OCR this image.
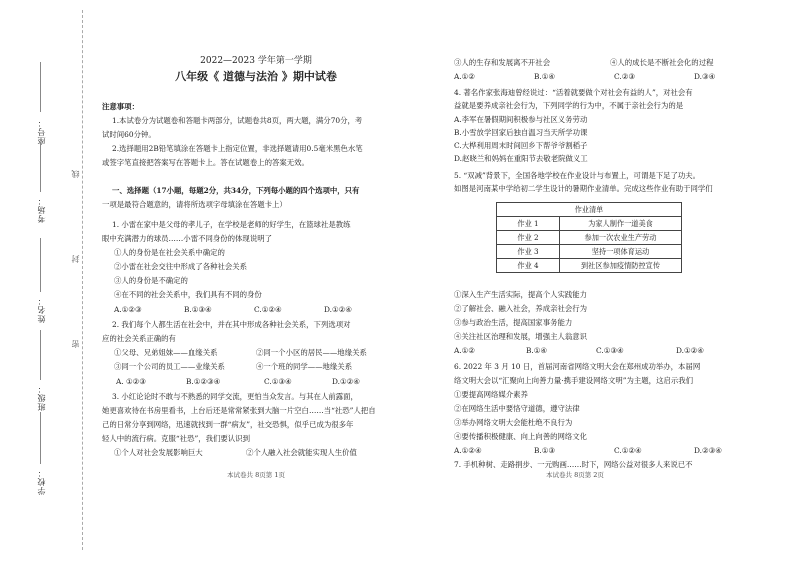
座号：
考场：
姓名：
班级：
学校：
线
封
密
2022—2023 学年第一学期
八年级《 道德与法治 》期中试卷
注意事项：
1.本试卷分为试题卷和答题卡两部分，试题卷共8页，两大题，满分70分，考
试时间60分钟。
2.选择题用2B铅笔填涂在答题卡上指定位置，非选择题请用0.5毫米黑色水笔
或签字笔直接把答案写在答题卡上。答在试题卷上的答案无效。
一、选择题（17小题，每题2分，共34分，下列每小题的四个选项中，只有
一项是最符合题意的，请将所选项字母填涂在答题卡上）
1. 小雷在家中是父母的孝儿子，在学校是老师的好学生，在篮球社是教练
眼中充满潜力的球员……小雷不同身份的体现说明了
①人的身份是在社会关系中确定的
②小雷在社会交往中形成了各种社会关系
③人的身份是不确定的
④在不同的社会关系中，我们具有不同的身份
A.①②③	B.①③④	C.①②④	D.①②④
2. 我们每个人都生活在社会中，并在其中形成各种社会关系，下列选项对
应的社会关系正确的有
①父母、兄弟姐妹——血缘关系	②同一个小区的居民——地缘关系
③同一个公司的员工——业缘关系	④一个班的同学——地缘关系
A. ①②③	B.①②③④	C.①③④	D.①②④
3. 小红论论时不敢与不熟悉的同学交流，更怕当众发言。与其在人前露面，
她更喜欢待在书房里看书，上台后还是常常紧张到大脑一片空白……当“社恐”人把自
己的日常分享到网络，迅速就找到一群“病友”，社交恐惧，似乎已成为很多年
轻人中的流行病。克服“社恐”，我们要认识到
①个人对社会发展影响巨大	②个人融入社会就能实现人生价值
本试卷共 8页第 1页
③人的生存和发展离不开社会	④人的成长是不断社会化的过程
A.①②	B.①④	C.②③	D.③④
4. 著名作家张海迪曾经说过：“活着就要做个对社会有益的人”，对社会有
益就是要养成亲社会行为，下列同学的行为中，不属于亲社会行为的是
A.李军在暑假期间积极参与社区义务劳动
B.小雪放学回家后独自温习当天所学功课
C.大桦利用周末时间回乡下帮爷爷割稻子
D.赵晓兰和妈妈在重阳节去敬老院做义工
5. “双减”背景下，全国各地学校在作业设计与布置上，可谓是下足了功夫。
如图是河南某中学给初二学生设计的暑期作业清单。完成这些作业有助于同学们
作业清单	
作业 1	为家人制作一道美食
作业 2	参加一次农业生产劳动
作业 3	坚持一项体育运动
作业 4	到社区参加疫情防控宣传
①深入生产生活实际，提高个人实践能力
②了解社会、融入社会，养成亲社会行为
③参与政治生活，提高国家事务能力
④关注社区治理和发展，增强主人翁意识
A.①②	B.①④	C.①③④	D.①②④
6. 2022 年 3 月 10 日，首届河南省网络文明大会在郑州成功举办，本届网
络文明大会以“汇聚向上向善力量·携手建设网络文明”为主题，这启示我们
①要提高网络媒介素养
②在网络生活中要恪守道德，遵守法律
③举办网络文明大会能杜绝不良行为
④要传播积极健康、向上向善的网络文化
A.①②④	B.①③	C.①②④	D.②③④
7. 手机种树、走路捐步、一元购画……时下，网络公益对很多人来说已不
本试卷共 8页第 2页
